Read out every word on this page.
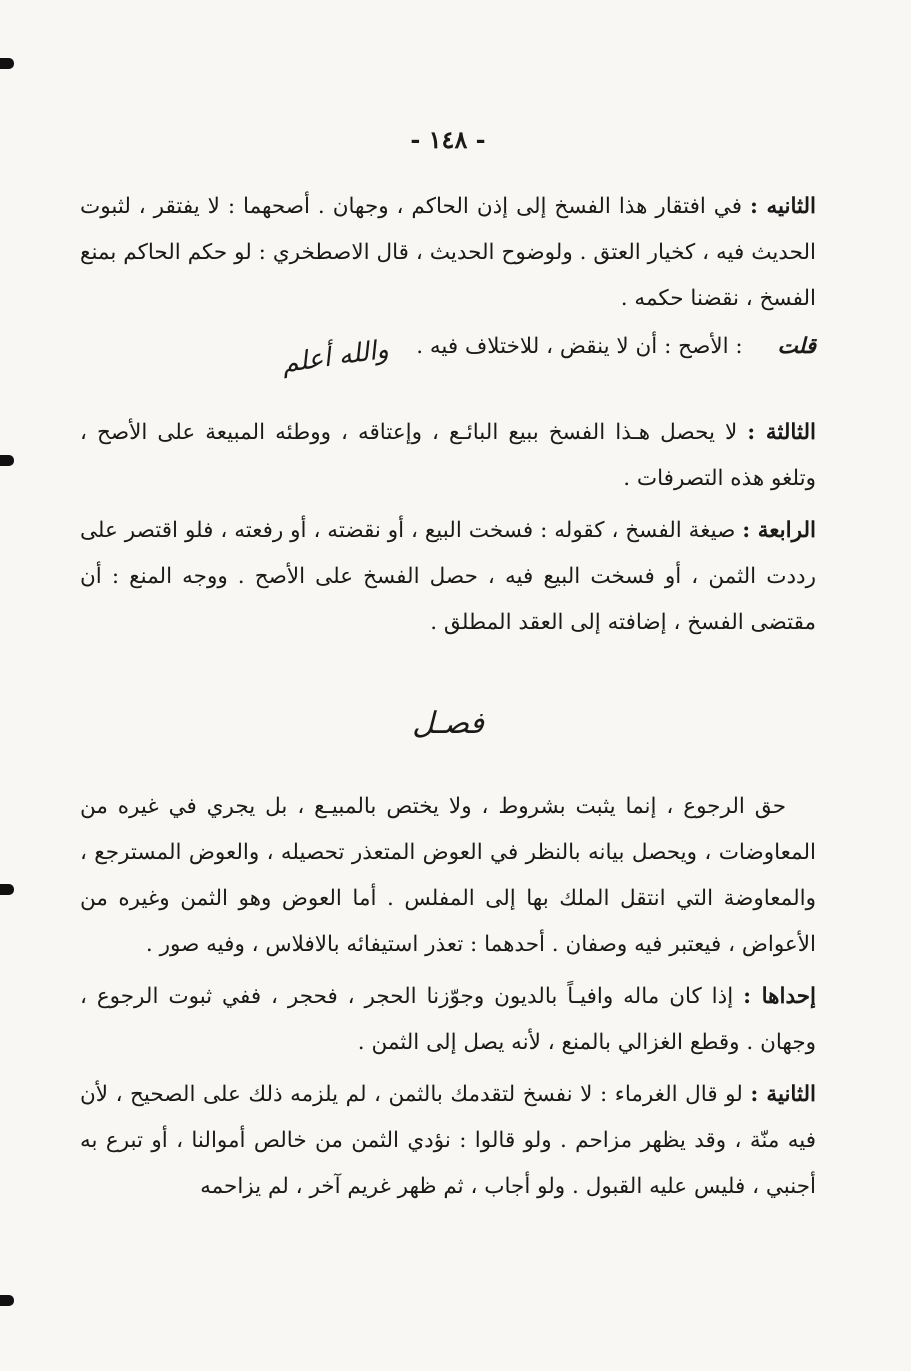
- ١٤٨ -

الثانيه : في افتقار هذا الفسخ إلى إذن الحاكم ، وجهان . أصحهما : لا يفتقر ، لثبوت الحديث فيه ، كخيار العتق . ولوضوح الحديث ، قال الاصطخري : لو حكم الحاكم بمنع الفسخ ، نقضنا حكمه .

قلت : الأصح : أن لا ينقض ، للاختلاف فيه . والله أعلم

الثالثة : لا يحصل هـذا الفسخ ببيع البائـع ، وإعتاقه ، ووطئه المبيعة على الأصح ، وتلغو هذه التصرفات .

الرابعة : صيغة الفسخ ، كقوله : فسخت البيع ، أو نقضته ، أو رفعته ، فلو اقتصر على رددت الثمن ، أو فسخت البيع فيه ، حصل الفسخ على الأصح . ووجه المنع : أن مقتضى الفسخ ، إضافته إلى العقد المطلق .

فصـل

حق الرجوع ، إنما يثبت بشروط ، ولا يختص بالمبيـع ، بل يجري في غيره من المعاوضات ، ويحصل بيانه بالنظر في العوض المتعذر تحصيله ، والعوض المسترجع ، والمعاوضة التي انتقل الملك بها إلى المفلس . أما العوض وهو الثمن وغيره من الأعواض ، فيعتبر فيه وصفان . أحدهما : تعذر استيفائه بالافلاس ، وفيه صور .

إحداها : إذا كان ماله وافيـاً بالديون وجوّزنا الحجر ، فحجر ، ففي ثبوت الرجوع ، وجهان . وقطع الغزالي بالمنع ، لأنه يصل إلى الثمن .

الثانية : لو قال الغرماء : لا نفسخ لتقدمك بالثمن ، لم يلزمه ذلك على الصحيح ، لأن فيه منّة ، وقد يظهر مزاحم . ولو قالوا : نؤدي الثمن من خالص أموالنا ، أو تبرع به أجنبي ، فليس عليه القبول . ولو أجاب ، ثم ظهر غريم آخر ، لم يزاحمه
